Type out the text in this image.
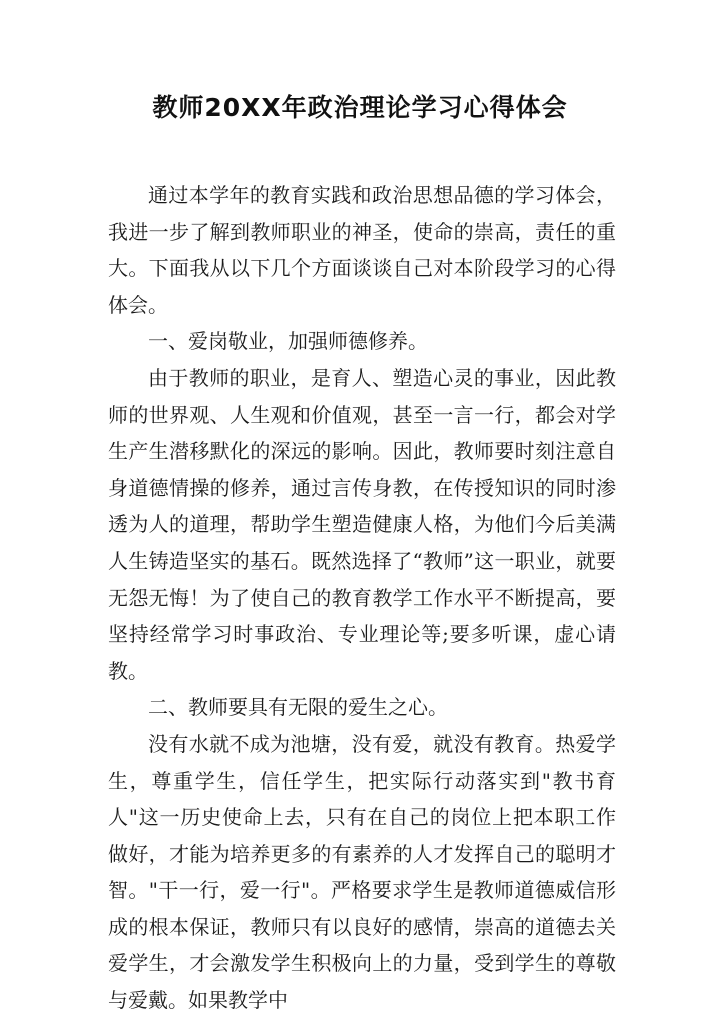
教师20XX年政治理论学习心得体会

通过本学年的教育实践和政治思想品德的学习体会，我进一步了解到教师职业的神圣，使命的崇高，责任的重大。下面我从以下几个方面谈谈自己对本阶段学习的心得体会。

一、爱岗敬业，加强师德修养。

由于教师的职业，是育人、塑造心灵的事业，因此教师的世界观、人生观和价值观，甚至一言一行，都会对学生产生潜移默化的深远的影响。因此，教师要时刻注意自身道德情操的修养，通过言传身教，在传授知识的同时渗透为人的道理，帮助学生塑造健康人格，为他们今后美满人生铸造坚实的基石。既然选择了“教师”这一职业，就要无怨无悔！为了使自己的教育教学工作水平不断提高，要坚持经常学习时事政治、专业理论等;要多听课，虚心请教。

二、教师要具有无限的爱生之心。

没有水就不成为池塘，没有爱，就没有教育。热爱学生，尊重学生，信任学生，把实际行动落实到"教书育人"这一历史使命上去，只有在自己的岗位上把本职工作做好，才能为培养更多的有素养的人才发挥自己的聪明才智。"干一行，爱一行"。严格要求学生是教师道德威信形成的根本保证，教师只有以良好的感情，崇高的道德去关爱学生，才会激发学生积极向上的力量，受到学生的尊敬与爱戴。如果教学中
